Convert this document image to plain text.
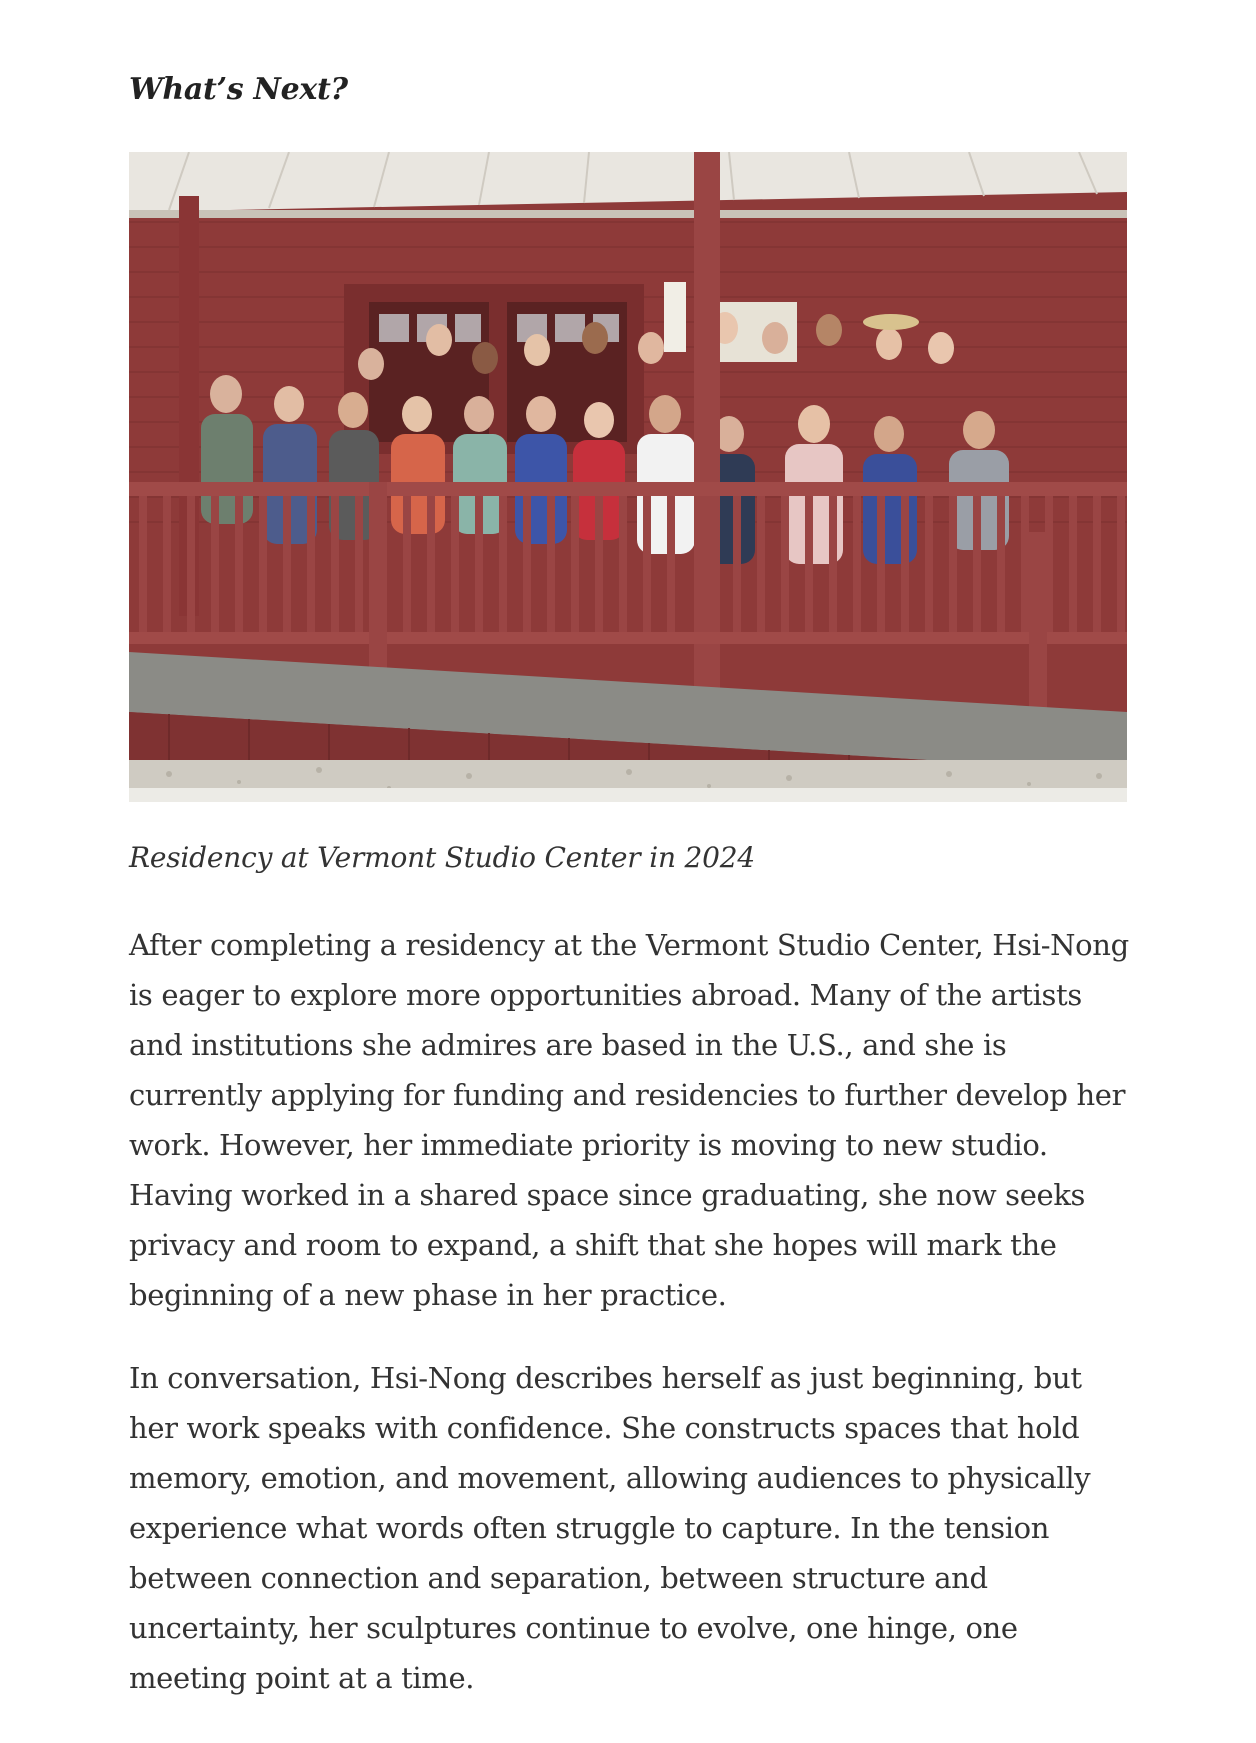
What’s Next?

Residency at Vermont Studio Center in 2024

After completing a residency at the Vermont Studio Center, Hsi-Nong
is eager to explore more opportunities abroad. Many of the artists
and institutions she admires are based in the U.S., and she is
currently applying for funding and residencies to further develop her
work. However, her immediate priority is moving to new studio.
Having worked in a shared space since graduating, she now seeks
privacy and room to expand, a shift that she hopes will mark the
beginning of a new phase in her practice.

In conversation, Hsi-Nong describes herself as just beginning, but
her work speaks with confidence. She constructs spaces that hold
memory, emotion, and movement, allowing audiences to physically
experience what words often struggle to capture. In the tension
between connection and separation, between structure and
uncertainty, her sculptures continue to evolve, one hinge, one
meeting point at a time.
